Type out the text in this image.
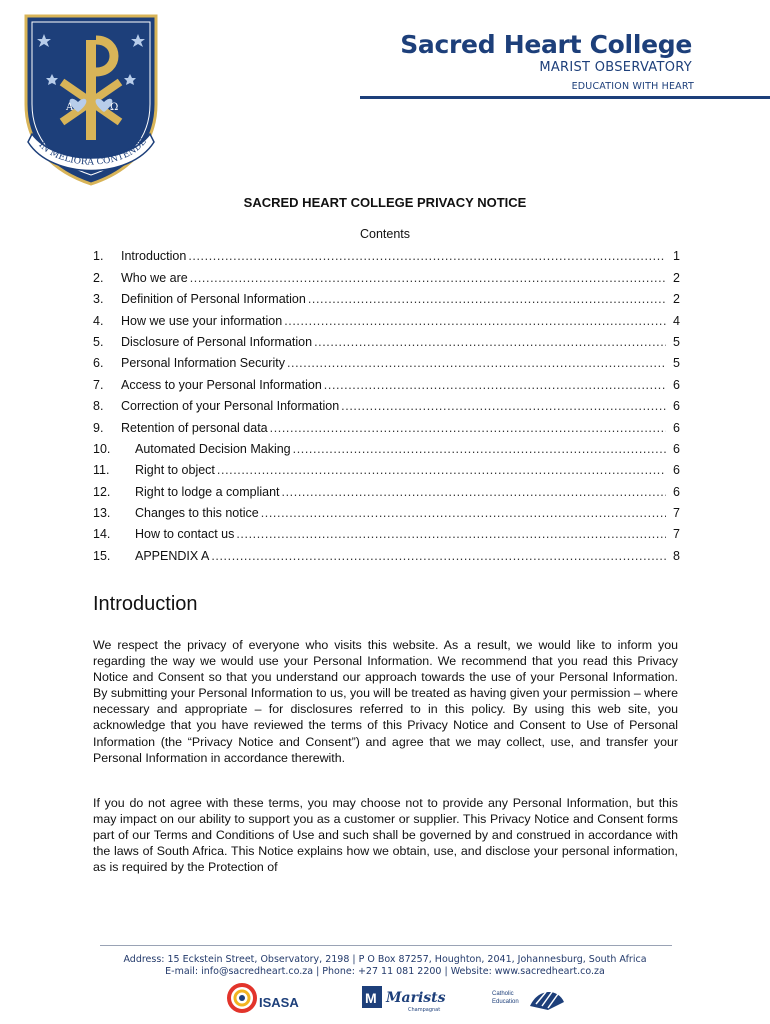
A	Ω
IN MELIORA CONTENDE
Sacred Heart College
MARIST OBSERVATORY
EDUCATION WITH HEART
SACRED HEART COLLEGE PRIVACY NOTICE
Contents
1.	Introduction .....	1
2.	Who we are .....	2
3.	Definition of Personal Information .....	2
4.	How we use your information .....	4
5.	Disclosure of Personal Information .....	5
6.	Personal Information Security .....	5
7.	Access to your Personal Information .....	6
8.	Correction of your Personal Information .....	6
9.	Retention of personal data .....	6
10.	Automated Decision Making .....	6
11.	Right to object .....	6
12.	Right to lodge a compliant .....	6
13.	Changes to this notice .....	7
14.	How to contact us .....	7
15.	APPENDIX A .....	8
Introduction
We respect the privacy of everyone who visits this website. As a result, we would like to inform you regarding the way we would use your Personal Information. We recommend that you read this Privacy Notice and Consent so that you understand our approach towards the use of your Personal Information. By submitting your Personal Information to us, you will be treated as having given your permission – where necessary and appropriate – for disclosures referred to in this policy. By using this web site, you acknowledge that you have reviewed the terms of this Privacy Notice and Consent to Use of Personal Information (the “Privacy Notice and Consent”) and agree that we may collect, use, and transfer your Personal Information in accordance therewith.
If you do not agree with these terms, you may choose not to provide any Personal Information, but this may impact on our ability to support you as a customer or supplier. This Privacy Notice and Consent forms part of our Terms and Conditions of Use and such shall be governed by and construed in accordance with the laws of South Africa. This Notice explains how we obtain, use, and disclose your personal information, as is required by the Protection of
Address: 15 Eckstein Street, Observatory, 2198 | P O Box 87257, Houghton, 2041, Johannesburg, South Africa
E-mail: info@sacredheart.co.za | Phone: +27 11 081 2200 | Website: www.sacredheart.co.za
ISASA	M Marists
Champagnat
Catholic
Education
